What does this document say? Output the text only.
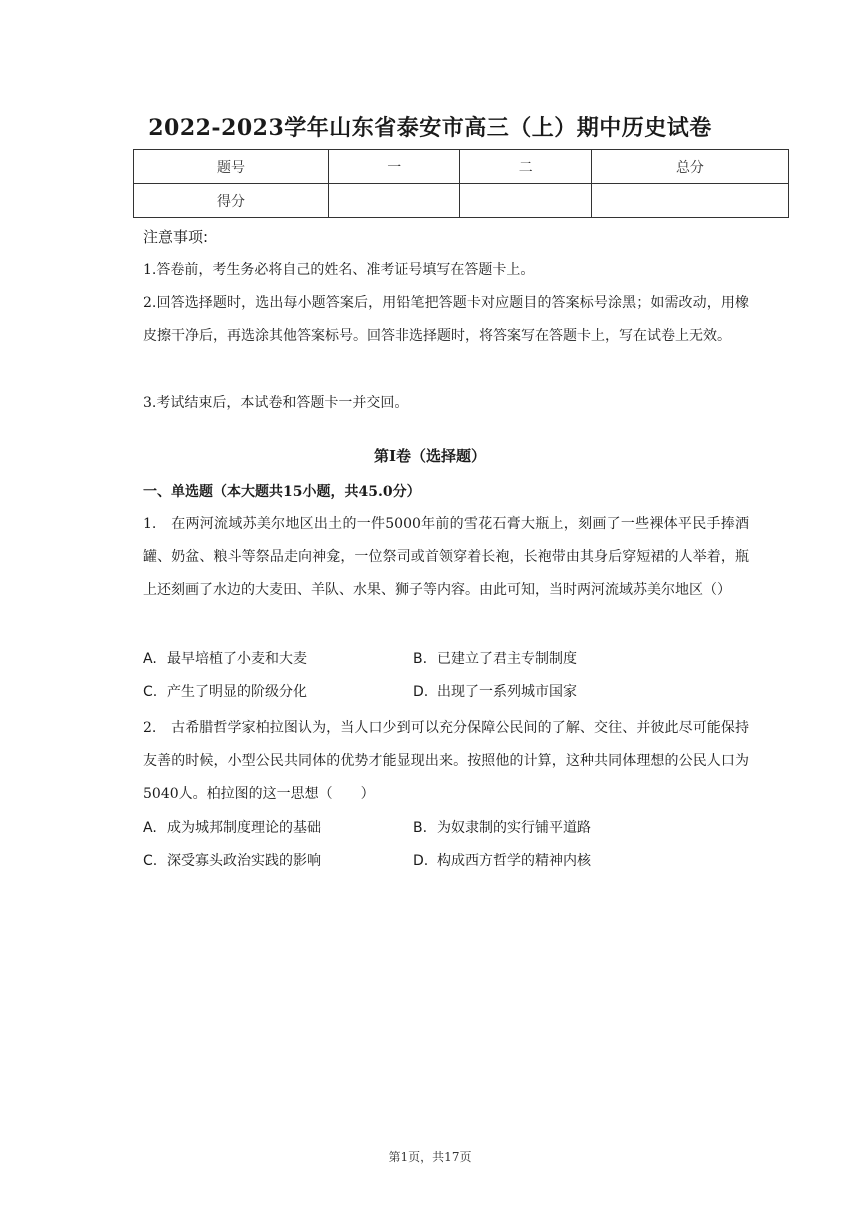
2022-2023学年山东省泰安市高三（上）期中历史试卷
题号	一	二	总分
得分			
注意事项:
1.答卷前，考生务必将自己的姓名、准考证号填写在答题卡上。
2.回答选择题时，选出每小题答案后，用铅笔把答题卡对应题目的答案标号涂黑；如需改动，用橡皮擦干净后，再选涂其他答案标号。回答非选择题时，将答案写在答题卡上，写在试卷上无效。
3.考试结束后，本试卷和答题卡一并交回。
第I卷（选择题）
一、单选题（本大题共15小题，共45.0分）
1. 在两河流域苏美尔地区出土的一件5000年前的雪花石膏大瓶上，刻画了一些裸体平民手捧酒罐、奶盆、粮斗等祭品走向神龛，一位祭司或首领穿着长袍，长袍带由其身后穿短裙的人举着，瓶上还刻画了水边的大麦田、羊队、水果、狮子等内容。由此可知，当时两河流域苏美尔地区（）
A. 最早培植了小麦和大麦	B. 已建立了君主专制制度
C. 产生了明显的阶级分化	D. 出现了一系列城市国家
2. 古希腊哲学家柏拉图认为，当人口少到可以充分保障公民间的了解、交往、并彼此尽可能保持友善的时候，小型公民共同体的优势才能显现出来。按照他的计算，这种共同体理想的公民人口为5040人。柏拉图的这一思想（　　）
A. 成为城邦制度理论的基础	B. 为奴隶制的实行铺平道路
C. 深受寡头政治实践的影响	D. 构成西方哲学的精神内核
第1页，共17页
